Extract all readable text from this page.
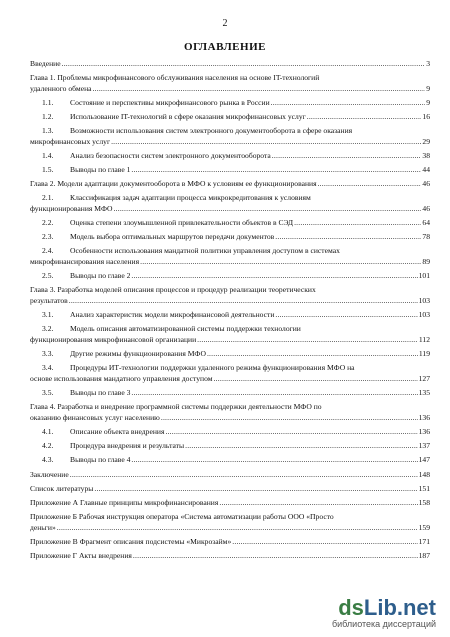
2
ОГЛАВЛЕНИЕ
Введение .....	3
Глава 1. Проблемы микрофинансового обслуживания населения на основе IT-технологий
удаленного обмена .....	9
1.1.	Состояние и перспективы микрофинансового рынка в России .....	9
1.2.	Использование IT-технологий в сфере оказания микрофинансовых услуг .....	16
1.3. Возможности использования систем электронного документооборота в сфере оказания
микрофинансовых услуг .....	29
1.4.	Анализ безопасности систем электронного документооборота .....	38
1.5.	Выводы по главе 1 .....	44
Глава 2. Модели адаптации документооборота в МФО к условиям ее функционирования .....	46
2.1. Классификация задач адаптации процесса микрокредитования к условиям
функционирования МФО .....	46
2.2.	Оценка степени злоумышленной привлекательности объектов в СЭД .....	64
2.3.	Модель выбора оптимальных маршрутов передачи документов .....	78
2.4. Особенности использования мандатной политики управления доступом в системах
микрофинансирования населения .....	89
2.5.	Выводы по главе 2 .....	101
Глава 3. Разработка моделей описания процессов и процедур реализации теоретических
результатов .....	103
3.1.	Анализ характеристик модели микрофинансовой деятельности .....	103
3.2. Модель описания автоматизированной системы поддержки технологии
функционирования микрофинансовой организации .....	112
3.3.	Другие режимы функционирования МФО .....	119
3.4. Процедуры ИТ-технологии поддержки удаленного режима функционирования МФО на
основе использования мандатного управления доступом .....	127
3.5.	Выводы по главе 3 .....	135
Глава 4. Разработка и внедрение программной системы поддержки деятельности МФО по
оказанию финансовых услуг населению .....	136
4.1.	Описание объекта внедрения .....	136
4.2.	Процедура внедрения и результаты .....	137
4.3.	Выводы по главе 4 .....	147
Заключение .....	148
Список литературы .....	151
Приложение А Главные принципы микрофинансирования .....	158
Приложение Б Рабочая инструкция оператора «Система автоматизации работы ООО «Просто
деньги» .....	159
Приложение В Фрагмент описания подсистемы «Микрозайм» .....	171
Приложение Г Акты внедрения .....	187
dsLib.net
библиотека диссертаций
